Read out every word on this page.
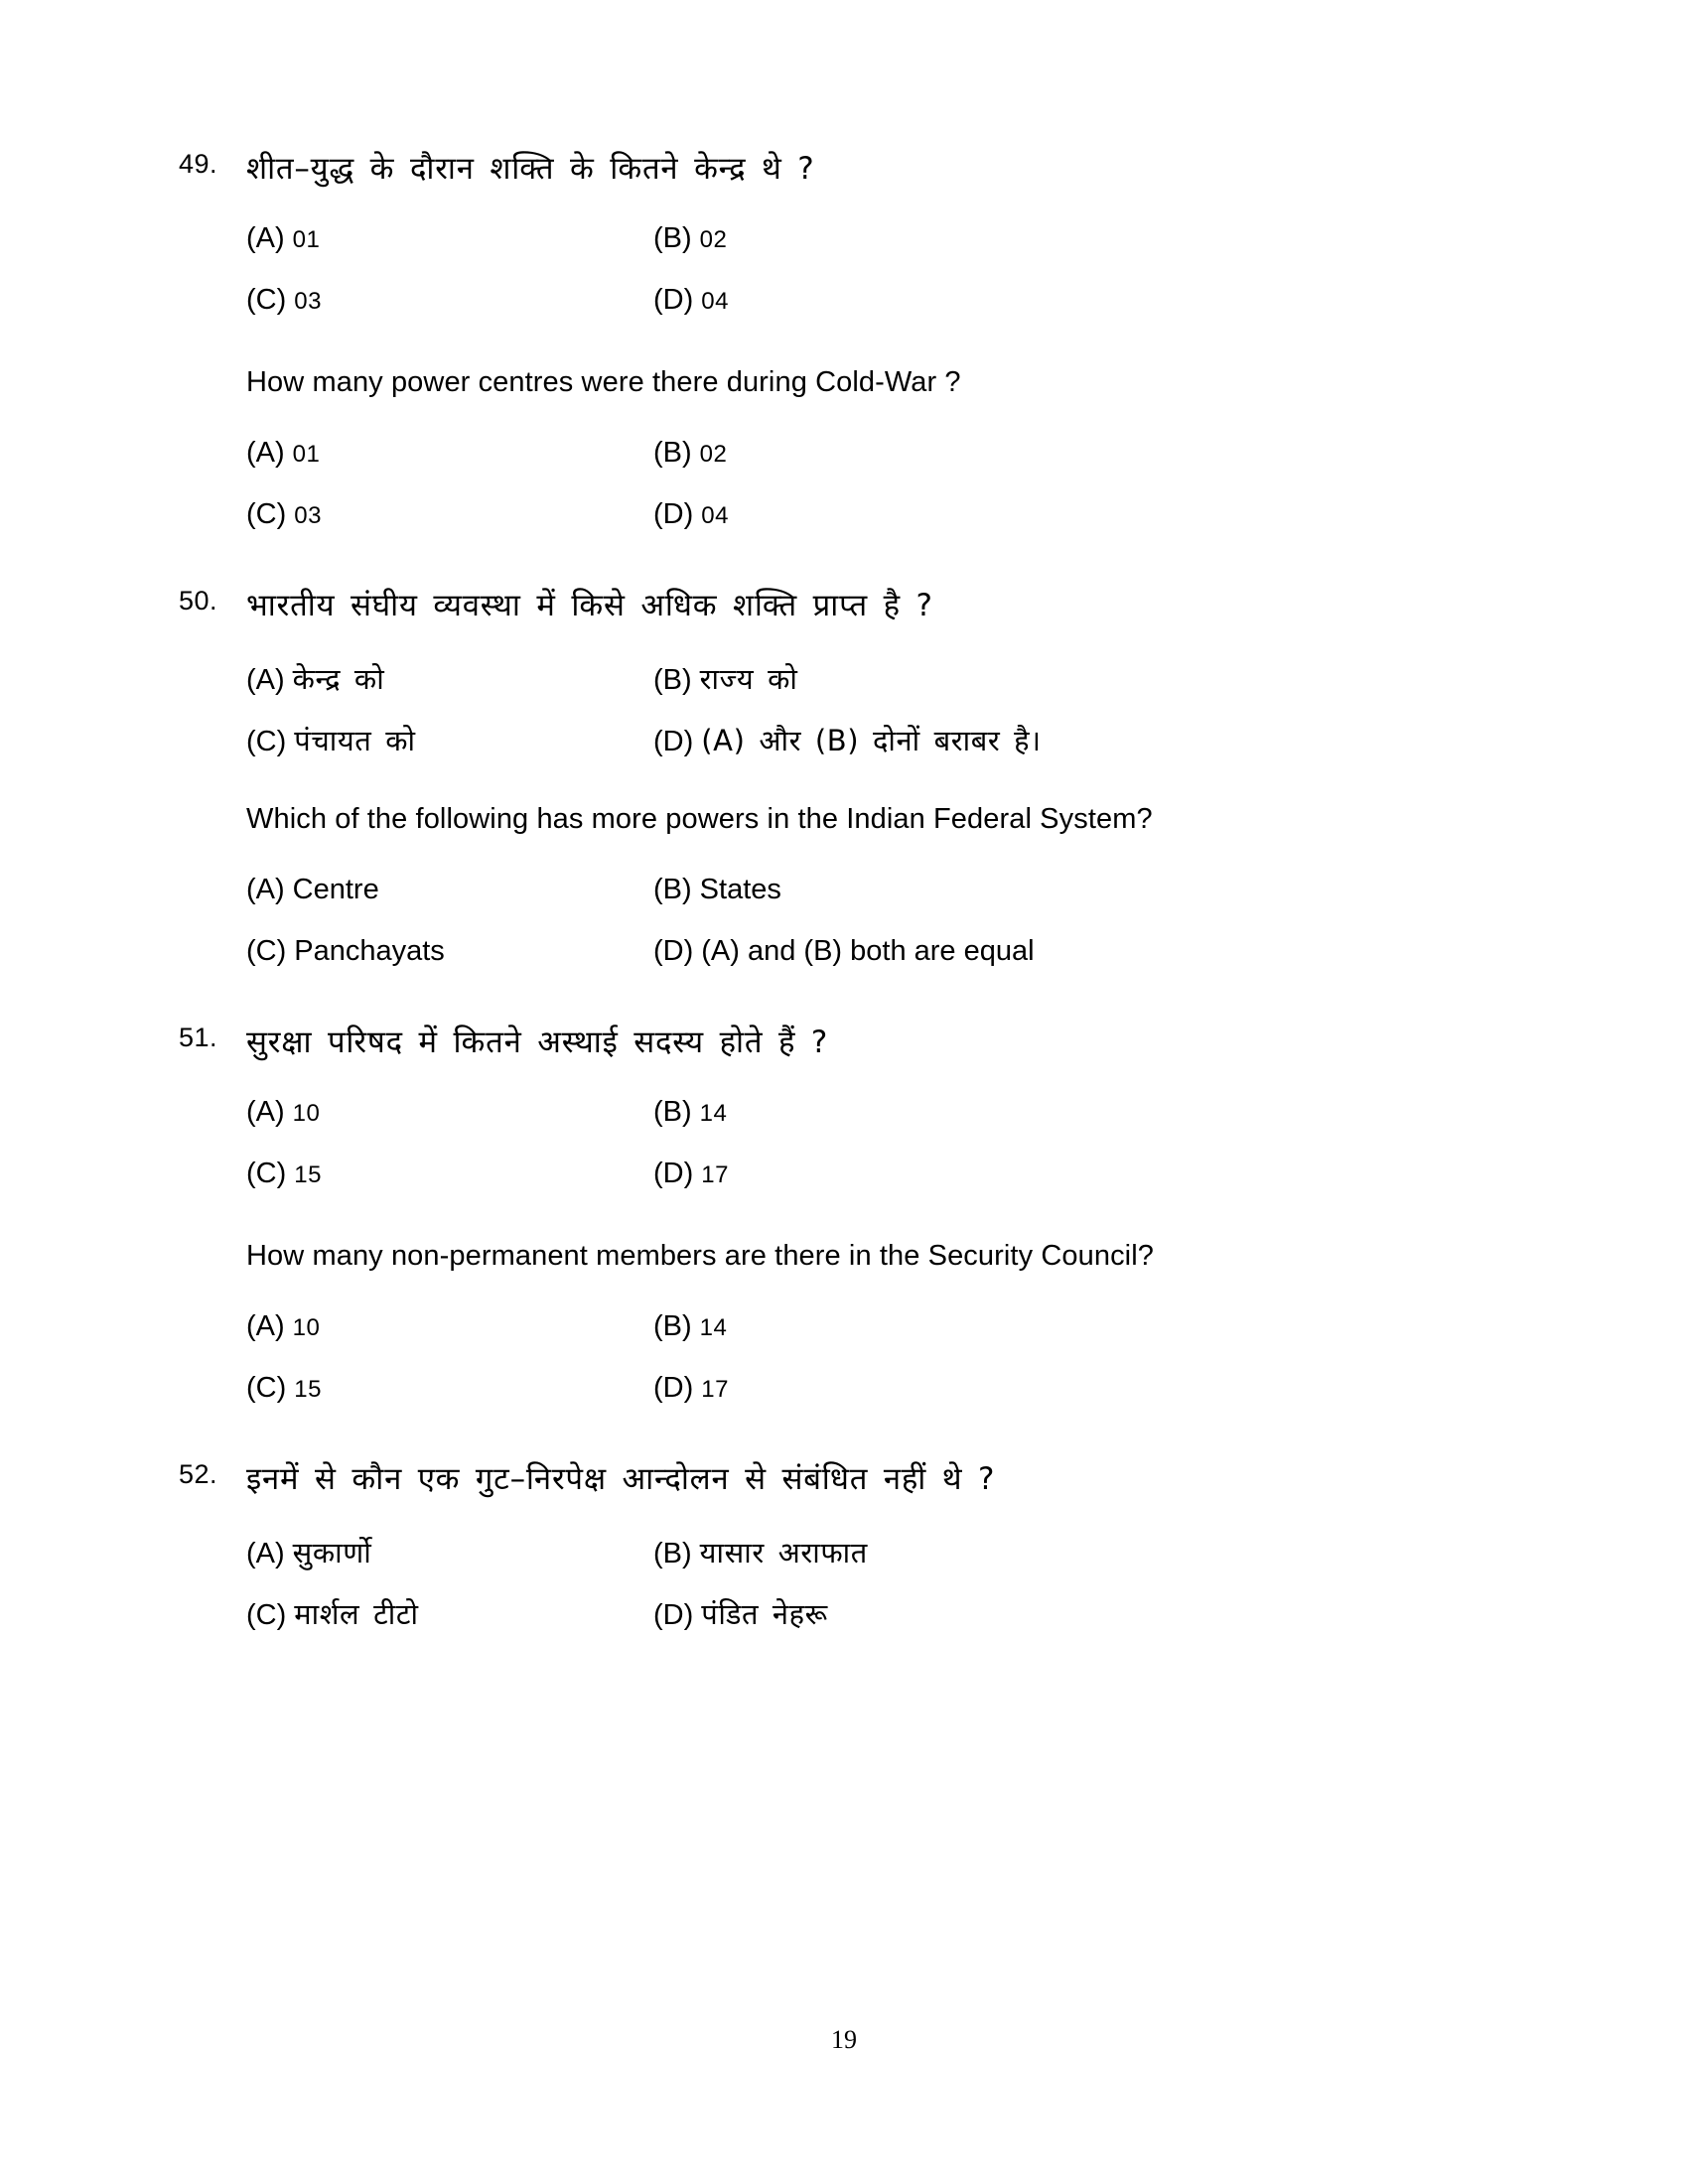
49. शीत–युद्ध के दौरान शक्ति के कितने केन्द्र थे ?
(A) 01	(B) 02
(C) 03	(D) 04
How many power centres were there during Cold-War ?
(A) 01	(B) 02
(C) 03	(D) 04
50. भारतीय संघीय व्यवस्था में किसे अधिक शक्ति प्राप्त है ?
(A) केन्द्र को	(B) राज्य को
(C) पंचायत को	(D) (A) और (B) दोनों बराबर है।
Which of the following has more powers in the Indian Federal System?
(A) Centre	(B) States
(C) Panchayats	(D) (A) and (B) both are equal
51. सुरक्षा परिषद में कितने अस्थाई सदस्य होते हैं ?
(A) 10	(B) 14
(C) 15	(D) 17
How many non-permanent members are there in the Security Council?
(A) 10	(B) 14
(C) 15	(D) 17
52. इनमें से कौन एक गुट–निरपेक्ष आन्दोलन से संबंधित नहीं थे ?
(A) सुकार्णो	(B) यासार अराफात
(C) मार्शल टीटो	(D) पंडित नेहरू
19
